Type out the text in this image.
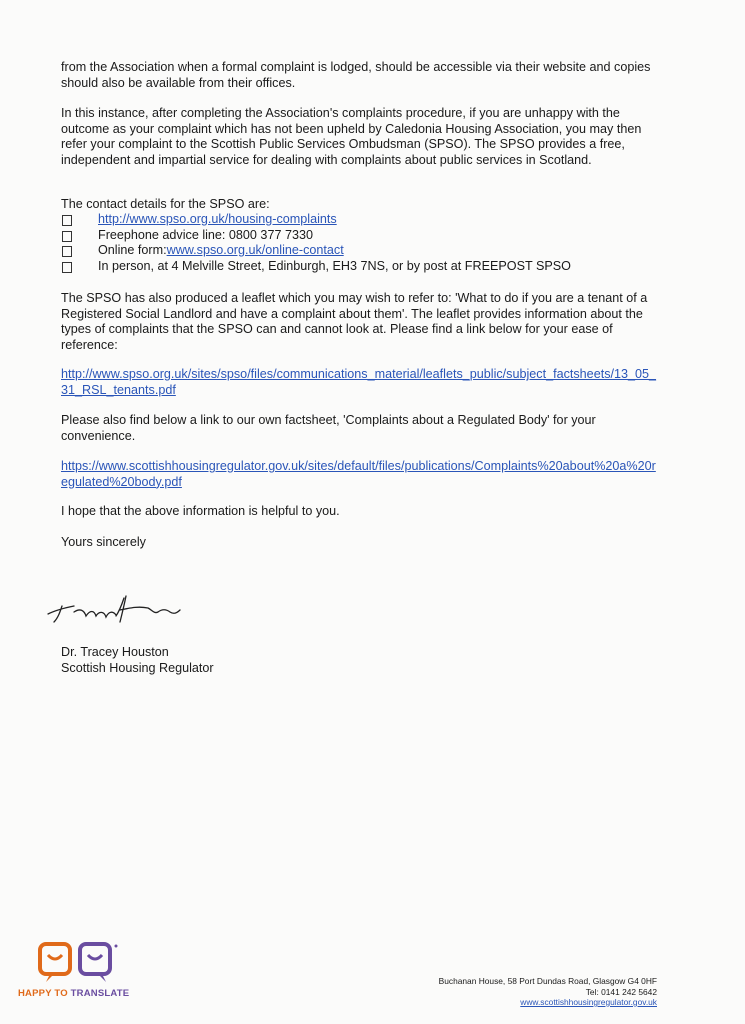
from the Association when a formal complaint is lodged, should be accessible via their website and copies should also be available from their offices.

In this instance, after completing the Association's complaints procedure, if you are unhappy with the outcome as your complaint which has not been upheld by Caledonia Housing Association, you may then refer your complaint to the Scottish Public Services Ombudsman (SPSO). The SPSO provides a free, independent and impartial service for dealing with complaints about public services in Scotland.

The contact details for the SPSO are:

http://www.spso.org.uk/housing-complaints
Freephone advice line: 0800 377 7330
Online form: www.spso.org.uk/online-contact
In person, at 4 Melville Street, Edinburgh, EH3 7NS, or by post at FREEPOST SPSO

The SPSO has also produced a leaflet which you may wish to refer to: 'What to do if you are a tenant of a Registered Social Landlord and have a complaint about them'. The leaflet provides information about the types of complaints that the SPSO can and cannot look at. Please find a link below for your ease of reference:

http://www.spso.org.uk/sites/spso/files/communications_material/leaflets_public/subject_factsheets/13_05_31_RSL_tenants.pdf

Please also find below a link to our own factsheet, 'Complaints about a Regulated Body' for your convenience.

https://www.scottishhousingregulator.gov.uk/sites/default/files/publications/Complaints%20about%20a%20regulated%20body.pdf

I hope that the above information is helpful to you.

Yours sincerely

Dr. Tracey Houston
Scottish Housing Regulator
HAPPY TO TRANSLATE
Buchanan House, 58 Port Dundas Road, Glasgow G4 0HF
Tel: 0141 242 5642
www.scottishhousingregulator.gov.uk
